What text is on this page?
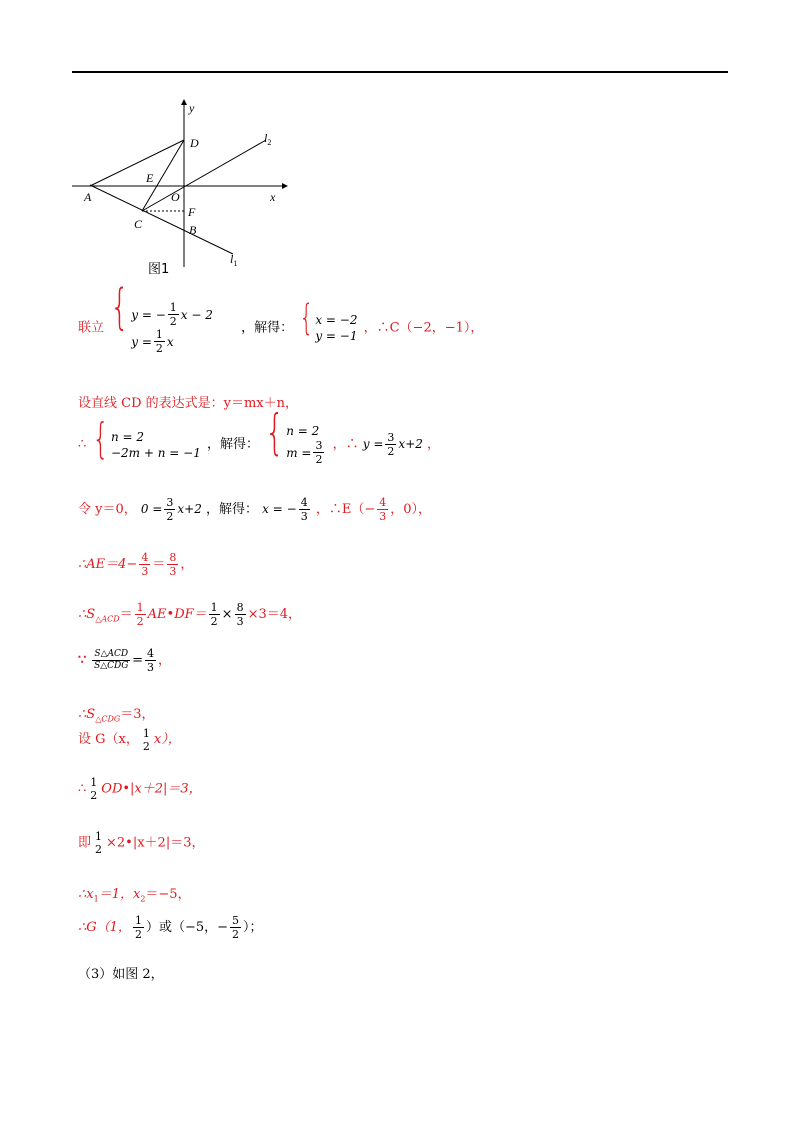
y
D	$l_2$
E
A	O	x
F
C	B
$l_1$
图1
联立 { y = − $\frac{1}{2}$ x − 2
$y = \frac{1}{2}$ x
，解得： { x = −2
y = −1
，∴C（−2，−1），
设直线 CD 的表达式是：y＝mx＋n，
∴ { n = 2
−2m + n = −1
，解得： { n = 2
$m = \frac{3}{2}$ ，∴ $y = \frac{3}{2} x+2$ ，
令 y＝0， $0 = \frac{3}{2} x+2$ ，解得： x = − $\frac{4}{3}$ ，∴E（− $\frac{4}{3}$ ，0），
∴AE＝4− $\frac{4}{3} = \frac{8}{3}$ ，
$\therefore S_{\triangle ACD}= \frac{1}{2}$ AE•DF＝ $\frac{1}{2} \times \frac{8}{3} \times 3=4$，
∵ $\frac{\text{S△ACD}}{\text{S△CDG}} = \frac{4}{3}$ ，
$\therefore S_{\triangle CDG}=3$，
设 G（x， 1
2 x），
∴ 1
2 OD•|x＋2|＝3，
即 1
2 ×2•|x＋2|＝3，
$\therefore x_1=1$，$x_2=-5$，
∴G（1， $\frac{1}{2}$ ）或（−5，− $\frac{5}{2}$ ）；
（3）如图 2，
